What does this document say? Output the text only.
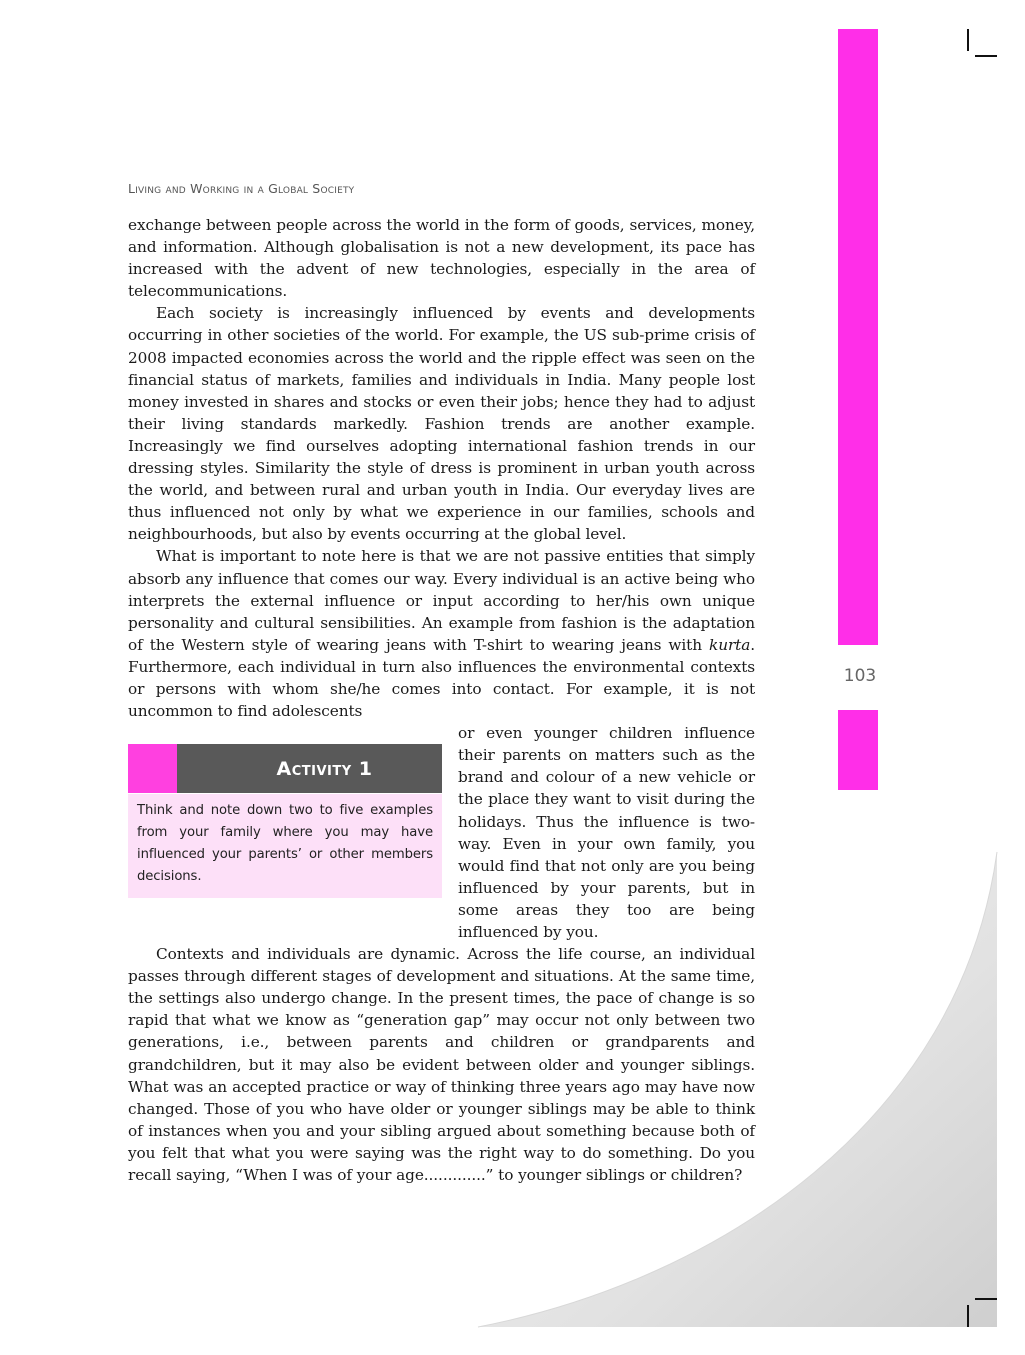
103
Living and Working in a Global Society

exchange between people across the world in the form of goods, services, money, and information. Although globalisation is not a new development, its pace has increased with the advent of new technologies, especially in the area of telecommunications.

Each society is increasingly influenced by events and developments occurring in other societies of the world. For example, the US sub-prime crisis of 2008 impacted economies across the world and the ripple effect was seen on the financial status of markets, families and individuals in India. Many people lost money invested in shares and stocks or even their jobs; hence they had to adjust their living standards markedly. Fashion trends are another example. Increasingly we find ourselves adopting international fashion trends in our dressing styles. Similarity the style of dress is prominent in urban youth across the world, and between rural and urban youth in India. Our everyday lives are thus influenced not only by what we experience in our families, schools and neighbourhoods, but also by events occurring at the global level.

What is important to note here is that we are not passive entities that simply absorb any influence that comes our way. Every individual is an active being who interprets the external influence or input according to her/his own unique personality and cultural sensibilities. An example from fashion is the adaptation of the Western style of wearing jeans with T-shirt to wearing jeans with kurta. Furthermore, each individual in turn also influences the environmental contexts or persons with whom she/he comes into contact. For example, it is not uncommon to find adolescents

Activity 1
Think and note down two to five examples from your family where you may have influenced your parents’ or other members decisions.

or even younger children influence their parents on matters such as the brand and colour of a new vehicle or the place they want to visit during the holidays. Thus the influence is two-way. Even in your own family, you would find that not only are you being influenced by your parents, but in some areas they too are being influenced by you.

Contexts and individuals are dynamic. Across the life course, an individual passes through different stages of development and situations. At the same time, the settings also undergo change. In the present times, the pace of change is so rapid that what we know as “generation gap” may occur not only between two generations, i.e., between parents and children or grandparents and grandchildren, but it may also be evident between older and younger siblings. What was an accepted practice or way of thinking three years ago may have now changed. Those of you who have older or younger siblings may be able to think of instances when you and your sibling argued about something because both of you felt that what you were saying was the right way to do something. Do you recall saying, “When I was of your age.............” to younger siblings or children?
